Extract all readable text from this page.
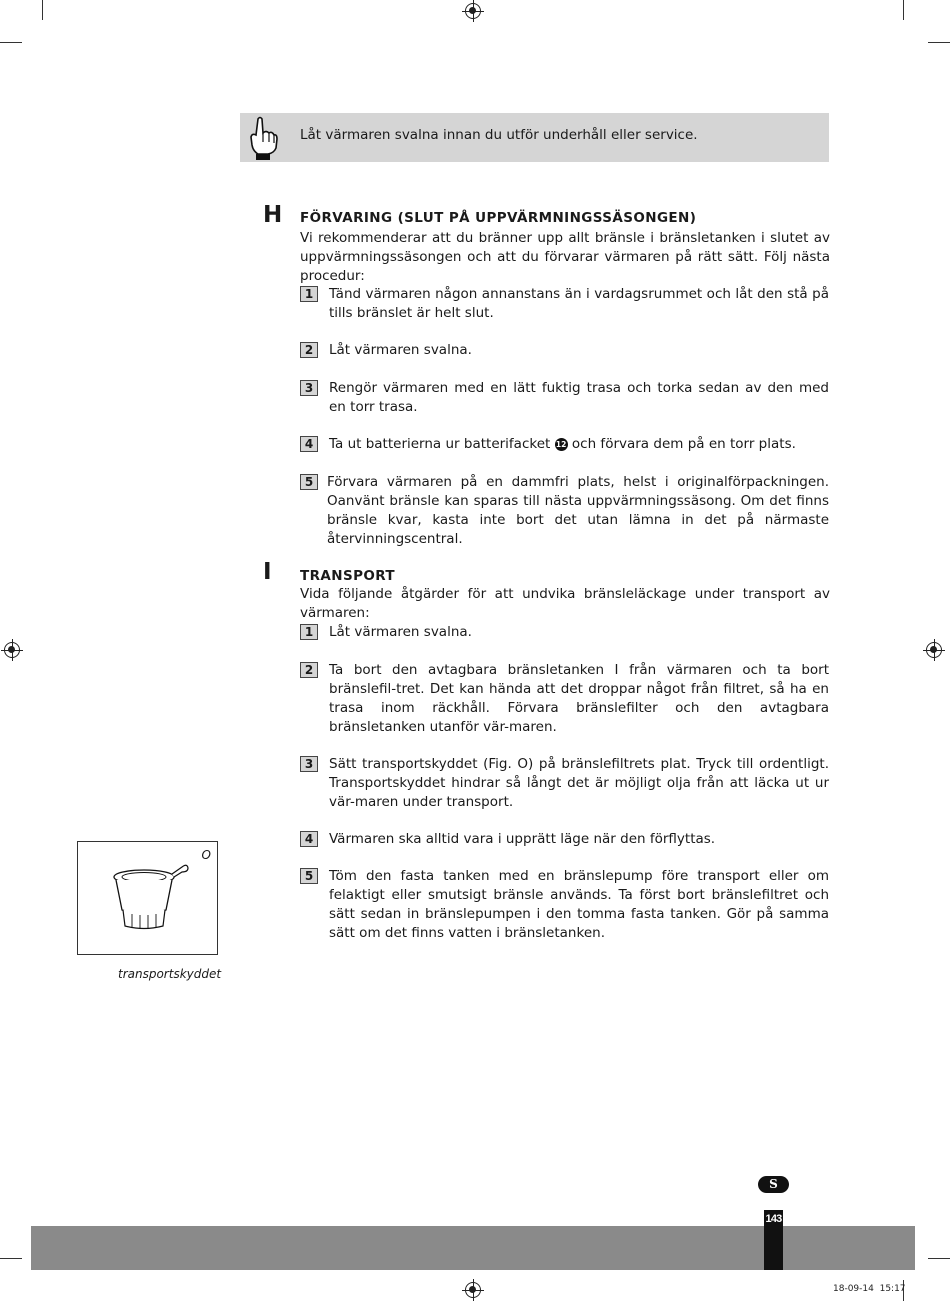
Låt värmaren svalna innan du utför underhåll eller service.
H FÖRVARING (SLUT PÅ UPPVÄRMNINGSSÄSONGEN)
Vi rekommenderar att du bränner upp allt bränsle i bränsletanken i slutet av uppvärmningssäsongen och att du förvarar värmaren på rätt sätt. Följ nästa procedur:
1	Tänd värmaren någon annanstans än i vardagsrummet och låt den stå på tills bränslet är helt slut.
2	Låt värmaren svalna.
3	Rengör värmaren med en lätt fuktig trasa och torka sedan av den med en torr trasa.
4	Ta ut batterierna ur batterifacket 12 och förvara dem på en torr plats.
5	Förvara värmaren på en dammfri plats, helst i originalförpackningen. Oanvänt bränsle kan sparas till nästa uppvärmningssäsong. Om det finns bränsle kvar, kasta inte bort det utan lämna in det på närmaste återvinningscentral.
I TRANSPORT
Vida följande åtgärder för att undvika bränsleläckage under transport av värmaren:
1	Låt värmaren svalna.
2	Ta bort den avtagbara bränsletanken I från värmaren och ta bort bränslefil-tret. Det kan hända att det droppar något från filtret, så ha en trasa inom räckhåll. Förvara bränslefilter och den avtagbara bränsletanken utanför vär-maren.
3	Sätt transportskyddet (Fig. O) på bränslefiltrets plat. Tryck till ordentligt. Transportskyddet hindrar så långt det är möjligt olja från att läcka ut ur vär-maren under transport.
4	Värmaren ska alltid vara i upprätt läge när den förflyttas.
5	Töm den fasta tanken med en bränslepump före transport eller om felaktigt eller smutsigt bränsle används. Ta först bort bränslefiltret och sätt sedan in bränslepumpen i den tomma fasta tanken. Gör på samma sätt om det finns vatten i bränsletanken.
O
transportskyddet
S
143
18-09-14 15:17
